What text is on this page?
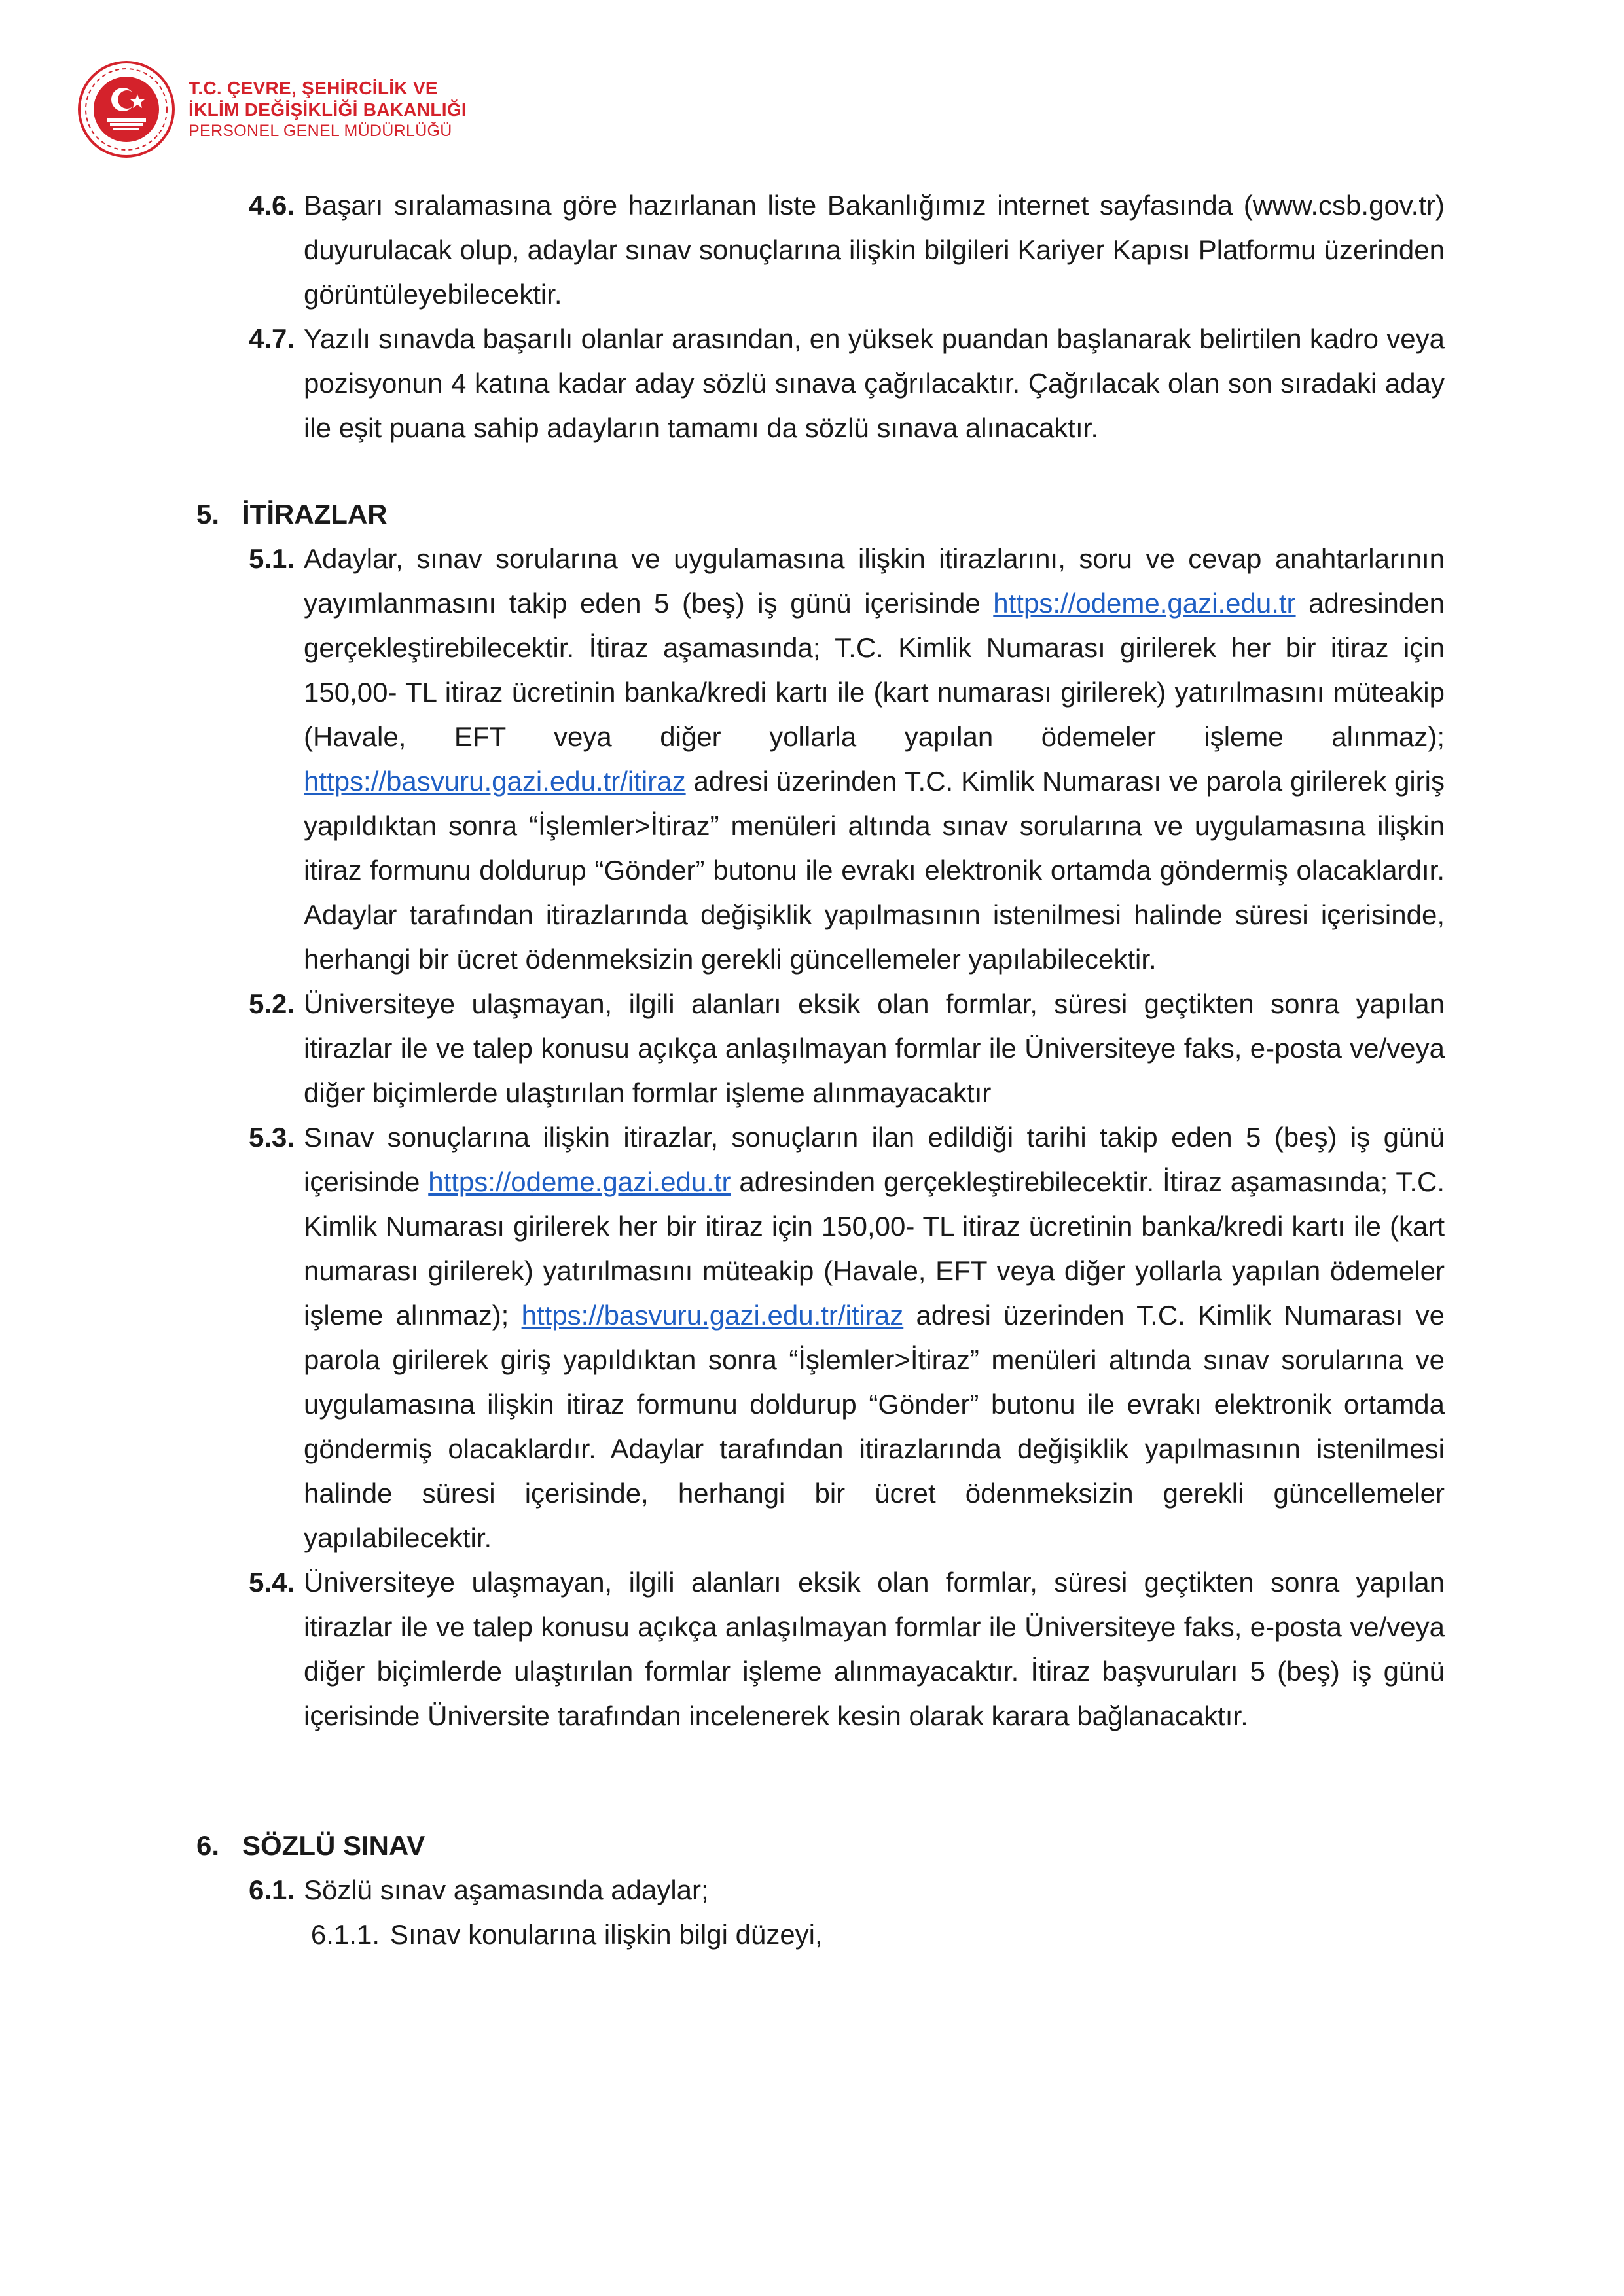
T.C. ÇEVRE, ŞEHİRCİLİK VE
İKLİM DEĞİŞİKLİĞİ BAKANLIĞI
PERSONEL GENEL MÜDÜRLÜĞÜ
4.6. Başarı sıralamasına göre hazırlanan liste Bakanlığımız internet sayfasında (www.csb.gov.tr) duyurulacak olup, adaylar sınav sonuçlarına ilişkin bilgileri Kariyer Kapısı Platformu üzerinden görüntüleyebilecektir.
4.7. Yazılı sınavda başarılı olanlar arasından, en yüksek puandan başlanarak belirtilen kadro veya pozisyonun 4 katına kadar aday sözlü sınava çağrılacaktır. Çağrılacak olan son sıradaki aday ile eşit puana sahip adayların tamamı da sözlü sınava alınacaktır.
5. İTİRAZLAR
5.1. Adaylar, sınav sorularına ve uygulamasına ilişkin itirazlarını, soru ve cevap anahtarlarının yayımlanmasını takip eden 5 (beş) iş günü içerisinde https://odeme.gazi.edu.tr adresinden gerçekleştirebilecektir. İtiraz aşamasında; T.C. Kimlik Numarası girilerek her bir itiraz için 150,00- TL itiraz ücretinin banka/kredi kartı ile (kart numarası girilerek) yatırılmasını müteakip (Havale, EFT veya diğer yollarla yapılan ödemeler işleme alınmaz); https://basvuru.gazi.edu.tr/itiraz adresi üzerinden T.C. Kimlik Numarası ve parola girilerek giriş yapıldıktan sonra “İşlemler>İtiraz” menüleri altında sınav sorularına ve uygulamasına ilişkin itiraz formunu doldurup “Gönder” butonu ile evrakı elektronik ortamda göndermiş olacaklardır. Adaylar tarafından itirazlarında değişiklik yapılmasının istenilmesi halinde süresi içerisinde, herhangi bir ücret ödenmeksizin gerekli güncellemeler yapılabilecektir.
5.2. Üniversiteye ulaşmayan, ilgili alanları eksik olan formlar, süresi geçtikten sonra yapılan itirazlar ile ve talep konusu açıkça anlaşılmayan formlar ile Üniversiteye faks, e-posta ve/veya diğer biçimlerde ulaştırılan formlar işleme alınmayacaktır
5.3. Sınav sonuçlarına ilişkin itirazlar, sonuçların ilan edildiği tarihi takip eden 5 (beş) iş günü içerisinde https://odeme.gazi.edu.tr adresinden gerçekleştirebilecektir. İtiraz aşamasında; T.C. Kimlik Numarası girilerek her bir itiraz için 150,00- TL itiraz ücretinin banka/kredi kartı ile (kart numarası girilerek) yatırılmasını müteakip (Havale, EFT veya diğer yollarla yapılan ödemeler işleme alınmaz); https://basvuru.gazi.edu.tr/itiraz adresi üzerinden T.C. Kimlik Numarası ve parola girilerek giriş yapıldıktan sonra “İşlemler>İtiraz” menüleri altında sınav sorularına ve uygulamasına ilişkin itiraz formunu doldurup “Gönder” butonu ile evrakı elektronik ortamda göndermiş olacaklardır. Adaylar tarafından itirazlarında değişiklik yapılmasının istenilmesi halinde süresi içerisinde, herhangi bir ücret ödenmeksizin gerekli güncellemeler yapılabilecektir.
5.4. Üniversiteye ulaşmayan, ilgili alanları eksik olan formlar, süresi geçtikten sonra yapılan itirazlar ile ve talep konusu açıkça anlaşılmayan formlar ile Üniversiteye faks, e-posta ve/veya diğer biçimlerde ulaştırılan formlar işleme alınmayacaktır. İtiraz başvuruları 5 (beş) iş günü içerisinde Üniversite tarafından incelenerek kesin olarak karara bağlanacaktır.
6. SÖZLÜ SINAV
6.1. Sözlü sınav aşamasında adaylar;
6.1.1. Sınav konularına ilişkin bilgi düzeyi,
